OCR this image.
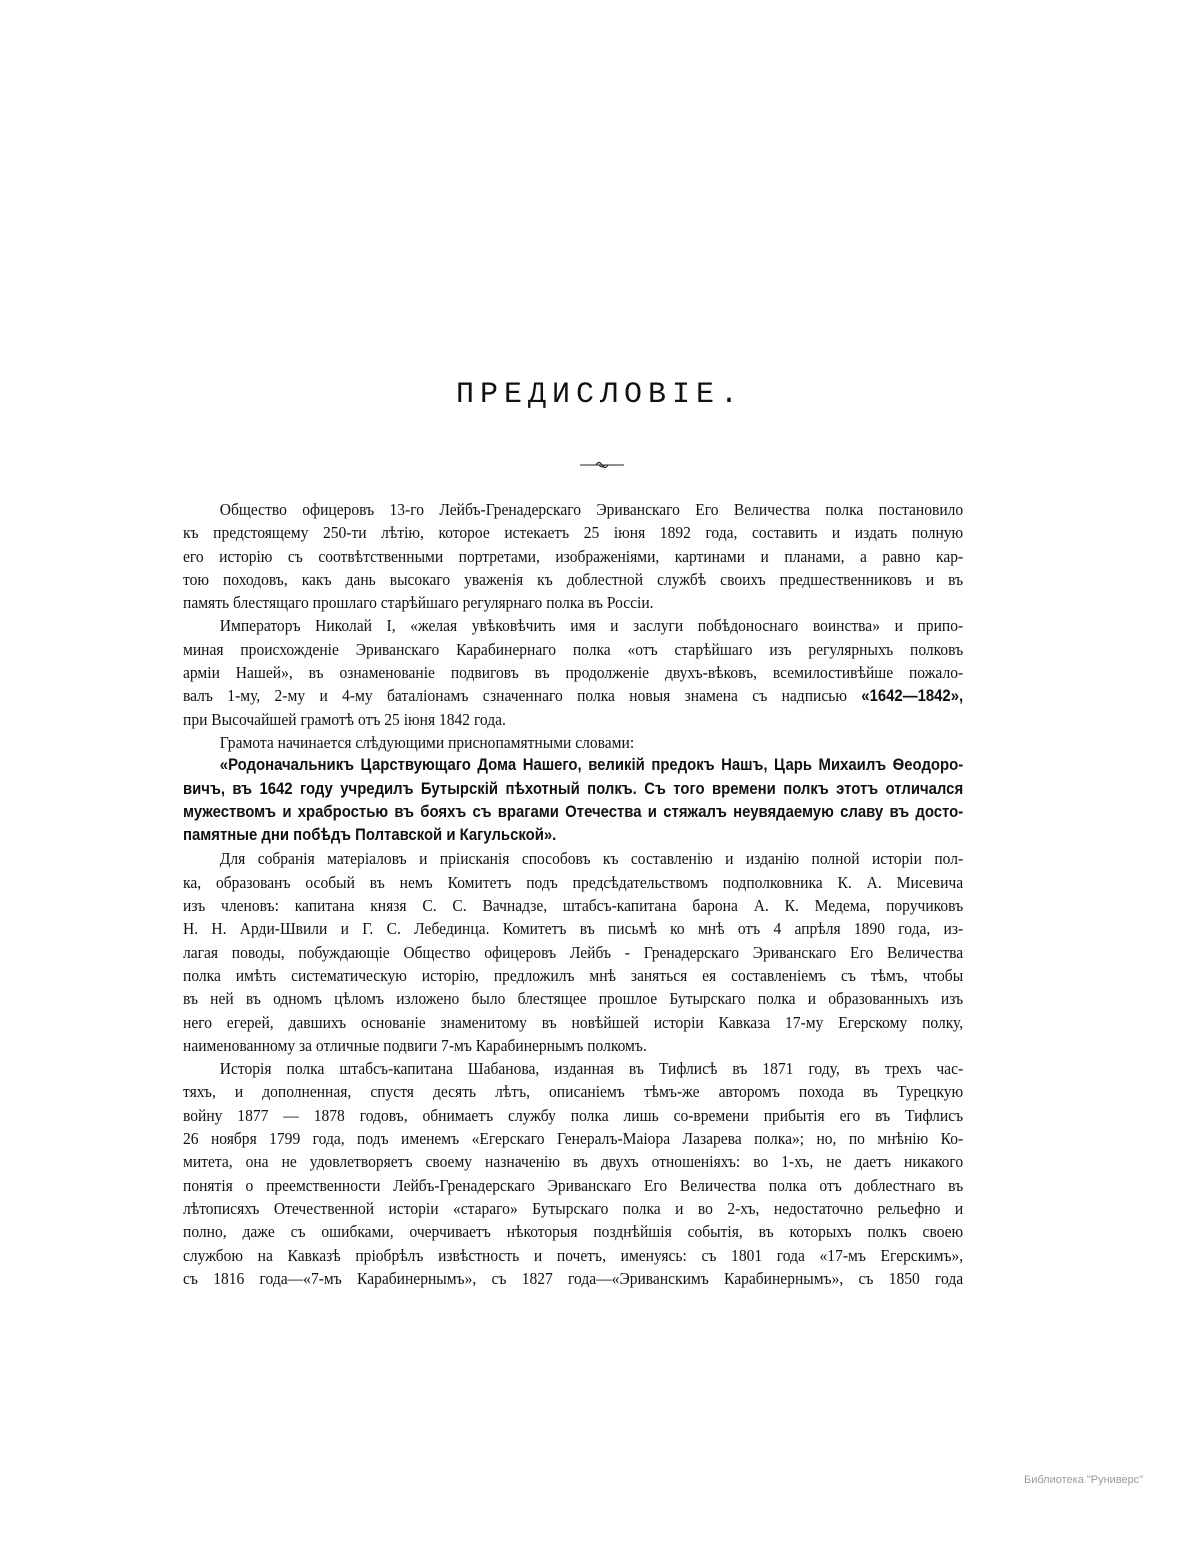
ПРЕДИСЛОВIЕ.
Общество офицеровъ 13-го Лейбъ-Гренадерскаго Эриванскаго Его Величества полка постановило
къ предстоящему 250-ти лѣтiю, которое истекаетъ 25 iюня 1892 года, составить и издать полную
его исторiю съ соотвѣтственными портретами, изображенiями, картинами и планами, а равно кар-
тою походовъ, какъ дань высокаго уваженiя къ доблестной службѣ своихъ предшественниковъ и въ
память блестящаго прошлаго старѣйшаго регулярнаго полка въ Россiи.
Императоръ Николай I, «желая увѣковѣчить имя и заслуги побѣдоноснаго воинства» и припо-
миная происхожденiе Эриванскаго Карабинернаго полка «отъ старѣйшаго изъ регулярныхъ полковъ
армiи Нашей», въ ознаменованiе подвиговъ въ продолженiе двухъ-вѣковъ, всемилостивѣйше пожало-
валъ 1-му, 2-му и 4-му баталiонамъ сзначеннаго полка новыя знамена съ надписью «1642—1842»,
при Высочайшей грамотѣ отъ 25 iюня 1842 года.
Грамота начинается слѣдующими приснопамятными словами:
«Родоначальникъ Царствующаго Дома Нашего, великiй предокъ Нашъ, Царь Михаилъ Ѳеодоро-
вичъ, въ 1642 году учредилъ Бутырскiй пѣхотный полкъ. Съ того времени полкъ этотъ отличался
мужествомъ и храбростью въ бояхъ съ врагами Отечества и стяжалъ неувядаемую славу въ досто-
памятные дни побѣдъ Полтавской и Кагульской».
Для собранiя матерiаловъ и прiисканiя способовъ къ составленiю и изданiю полной исторiи пол-
ка, образованъ особый въ немъ Комитетъ подъ предсѣдательствомъ подполковника К. А. Мисевича
изъ членовъ: капитана князя С. С. Вачнадзе, штабсъ-капитана барона А. К. Медема, поручиковъ
Н. Н. Арди-Швили и Г. С. Лебединца. Комитетъ въ письмѣ ко мнѣ отъ 4 апрѣля 1890 года, из-
лагая поводы, побуждающiе Общество офицеровъ Лейбъ - Гренадерскаго Эриванскаго Его Величества
полка имѣть систематическую исторiю, предложилъ мнѣ заняться ея составленiемъ съ тѣмъ, чтобы
въ ней въ одномъ цѣломъ изложено было блестящее прошлое Бутырскаго полка и образованныхъ изъ
него егерей, давшихъ основанiе знаменитому въ новѣйшей исторiи Кавказа 17-му Егерскому полку,
наименованному за отличные подвиги 7-мъ Карабинернымъ полкомъ.
Исторiя полка штабсъ-капитана Шабанова, изданная въ Тифлисѣ въ 1871 году, въ трехъ час-
тяхъ, и дополненная, спустя десять лѣтъ, описанiемъ тѣмъ-же авторомъ похода въ Турецкую
войну 1877 — 1878 годовъ, обнимаетъ службу полка лишь со-времени прибытiя его въ Тифлисъ
26 ноября 1799 года, подъ именемъ «Егерскаго Генералъ-Маiора Лазарева полка»; но, по мнѣнiю Ко-
митета, она не удовлетворяетъ своему назначенiю въ двухъ отношенiяхъ: во 1-хъ, не даетъ никакого
понятiя о преемственности Лейбъ-Гренадерскаго Эриванскаго Его Величества полка отъ доблестнаго въ
лѣтописяхъ Отечественной исторiи «стараго» Бутырскаго полка и во 2-хъ, недостаточно рельефно и
полно, даже съ ошибками, очерчиваетъ нѣкоторыя позднѣйшiя событiя, въ которыхъ полкъ своею
службою на Кавказѣ прiобрѣлъ извѣстность и почетъ, именуясь: съ 1801 года «17-мъ Егерскимъ»,
съ 1816 года—«7-мъ Карабинернымъ», съ 1827 года—«Эриванскимъ Карабинернымъ», съ 1850 года
Библиотека "Руниверс"
